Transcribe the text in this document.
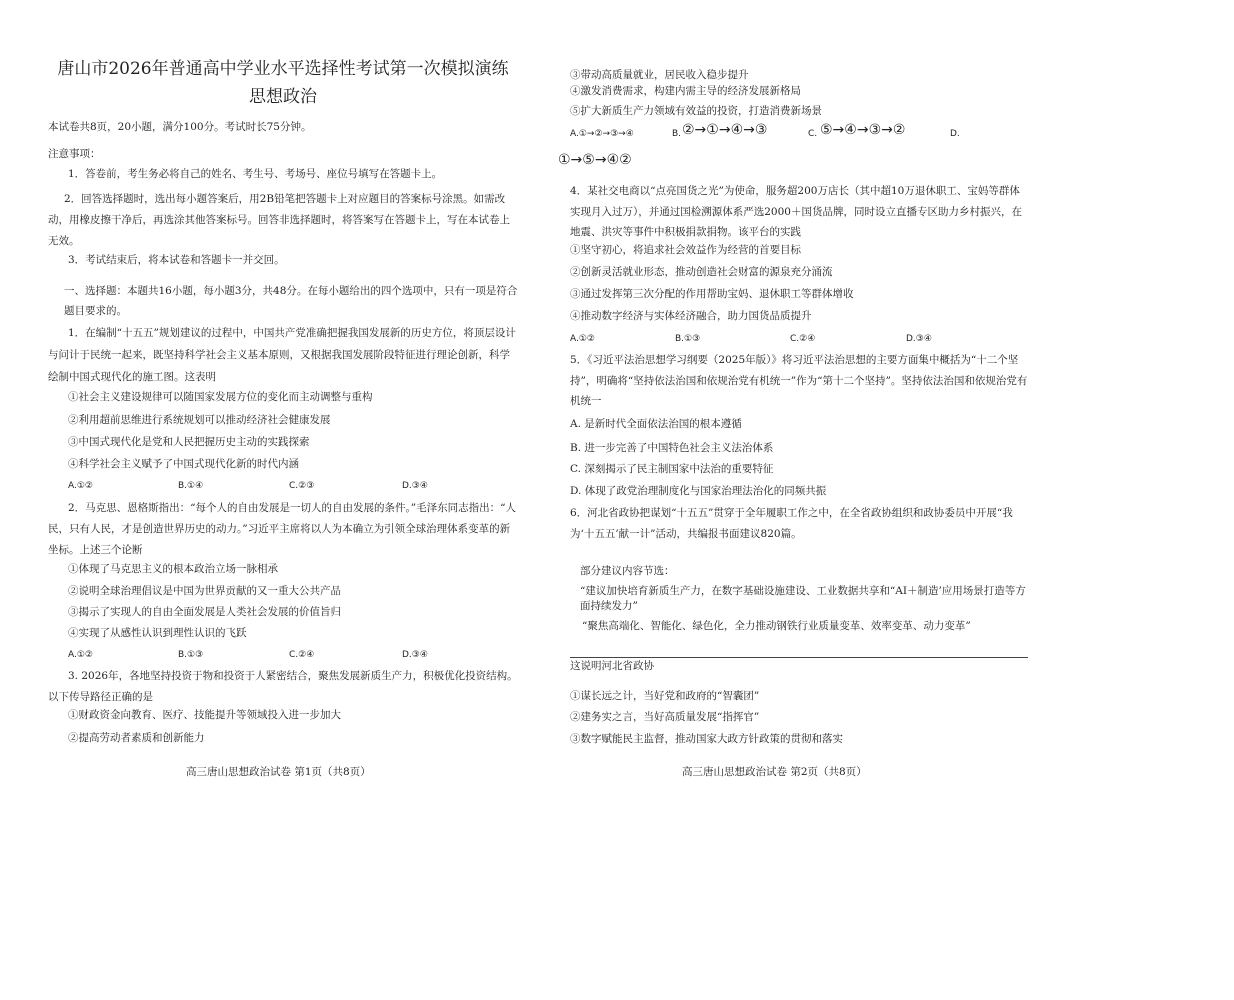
唐山市2026年普通高中学业水平选择性考试第一次模拟演练
思想政治
本试卷共8页，20小题，满分100分。考试时长75分钟。
注意事项：
1．答卷前，考生务必将自己的姓名、考生号、考场号、座位号填写在答题卡上。
2．回答选择题时，选出每小题答案后，用2B铅笔把答题卡上对应题目的答案标号涂黑。如需改动，用橡皮擦干净后，再选涂其他答案标号。回答非选择题时，将答案写在答题卡上，写在本试卷上无效。
3．考试结束后，将本试卷和答题卡一并交回。
一、选择题：本题共16小题，每小题3分，共48分。在每小题给出的四个选项中，只有一项是符合题目要求的。
1．在编制“十五五”规划建议的过程中，中国共产党准确把握我国发展新的历史方位，将顶层设计与问计于民统一起来，既坚持科学社会主义基本原则，又根据我国发展阶段特征进行理论创新，科学绘制中国式现代化的施工图。这表明
①社会主义建设规律可以随国家发展方位的变化而主动调整与重构
②利用超前思维进行系统规划可以推动经济社会健康发展
③中国式现代化是党和人民把握历史主动的实践探索
④科学社会主义赋予了中国式现代化新的时代内涵
A.①②	B.①④	C.②③	D.③④
2．马克思、恩格斯指出：“每个人的自由发展是一切人的自由发展的条件。”毛泽东同志指出：“人民，只有人民，才是创造世界历史的动力。”习近平主席将以人为本确立为引领全球治理体系变革的新坐标。上述三个论断
①体现了马克思主义的根本政治立场一脉相承
②说明全球治理倡议是中国为世界贡献的又一重大公共产品
③揭示了实现人的自由全面发展是人类社会发展的价值旨归
④实现了从感性认识到理性认识的飞跃
A.①②	B.①③	C.②④	D.③④
3. 2026年，各地坚持投资于物和投资于人紧密结合，聚焦发展新质生产力，积极优化投资结构。以下传导路径正确的是
①财政资金向教育、医疗、技能提升等领域投入进一步加大
②提高劳动者素质和创新能力
高三唐山思想政治试卷 第1页（共8页）
③带动高质量就业，居民收入稳步提升
④激发消费需求，构建内需主导的经济发展新格局
⑤扩大新质生产力领域有效益的投资，打造消费新场景
A.①→②→③→④	B. ②→①→④→③	C. ⑤→④→③→②	D.
①→⑤→④②
4．某社交电商以“点亮国货之光”为使命，服务超200万店长（其中超10万退休职工、宝妈等群体实现月入过万），并通过国检溯源体系严选2000＋国货品牌，同时设立直播专区助力乡村振兴，在地震、洪灾等事件中积极捐款捐物。该平台的实践
①坚守初心，将追求社会效益作为经营的首要目标
②创新灵活就业形态，推动创造社会财富的源泉充分涌流
③通过发挥第三次分配的作用帮助宝妈、退休职工等群体增收
④推动数字经济与实体经济融合，助力国货品质提升
A.①②	B.①③	C.②④	D.③④
5．《习近平法治思想学习纲要（2025年版）》将习近平法治思想的主要方面集中概括为“十二个坚持”，明确将“坚持依法治国和依规治党有机统一”作为“第十二个坚持”。坚持依法治国和依规治党有机统一
A. 是新时代全面依法治国的根本遵循
B. 进一步完善了中国特色社会主义法治体系
C. 深刻揭示了民主制国家中法治的重要特征
D. 体现了政党治理制度化与国家治理法治化的同频共振
6．河北省政协把谋划“十五五”贯穿于全年履职工作之中，在全省政协组织和政协委员中开展“我为‘十五五’献一计”活动，共编报书面建议820篇。
部分建议内容节选：
“建议加快培育新质生产力，在数字基础设施建设、工业数据共享和“AI＋制造’应用场景打造等方面持续发力”
“聚焦高端化、智能化、绿色化，全力推动钢铁行业质量变革、效率变革、动力变革”
这说明河北省政协
①谋长远之计，当好党和政府的“智囊团”
②建务实之言，当好高质量发展“指挥官”
③数字赋能民主监督，推动国家大政方针政策的贯彻和落实
高三唐山思想政治试卷 第2页（共8页）
